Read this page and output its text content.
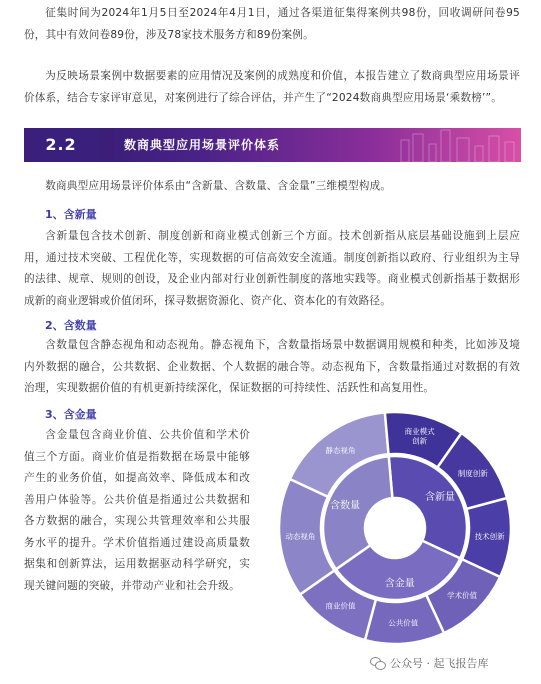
征集时间为2024年1月5日至2024年4月1日，通过各渠道征集得案例共98份，回收调研问卷95份，其中有效问卷89份，涉及78家技术服务方和89份案例。

为反映场景案例中数据要素的应用情况及案例的成熟度和价值，本报告建立了数商典型应用场景评价体系，结合专家评审意见，对案例进行了综合评估，并产生了“2024数商典型应用场景‘乘数榜’”。

2.2	数商典型应用场景评价体系

数商典型应用场景评价体系由“含新量、含数量、含金量”三维模型构成。

1、含新量

含新量包含技术创新、制度创新和商业模式创新三个方面。技术创新指从底层基础设施到上层应用，通过技术突破、工程优化等，实现数据的可信高效安全流通。制度创新指以政府、行业组织为主导的法律、规章、规则的创设，及企业内部对行业创新性制度的落地实践等。商业模式创新指基于数据形成新的商业逻辑或价值闭环，探寻数据资源化、资产化、资本化的有效路径。

2、含数量

含数量包含静态视角和动态视角。静态视角下，含数量指场景中数据调用规模和种类，比如涉及境内外数据的融合，公共数据、企业数据、个人数据的融合等。动态视角下，含数量指通过对数据的有效治理，实现数据价值的有机更新持续深化，保证数据的可持续性、活跃性和高复用性。

3、含金量

含金量包含商业价值、公共价值和学术价值三个方面。商业价值是指数据在场景中能够产生的业务价值，如提高效率、降低成本和改善用户体验等。公共价值是指通过公共数据和各方数据的融合，实现公共管理效率和公共服务水平的提升。学术价值指通过建设高质量数据集和创新算法，运用数据驱动科学研究，实现关键问题的突破，并带动产业和社会升级。

含新量
含金量
含数量
技术创新
学术价值
公共价值
商业价值
动态视角
静态视角
商业模式创新
制度创新
公众号 · 起飞报告库
